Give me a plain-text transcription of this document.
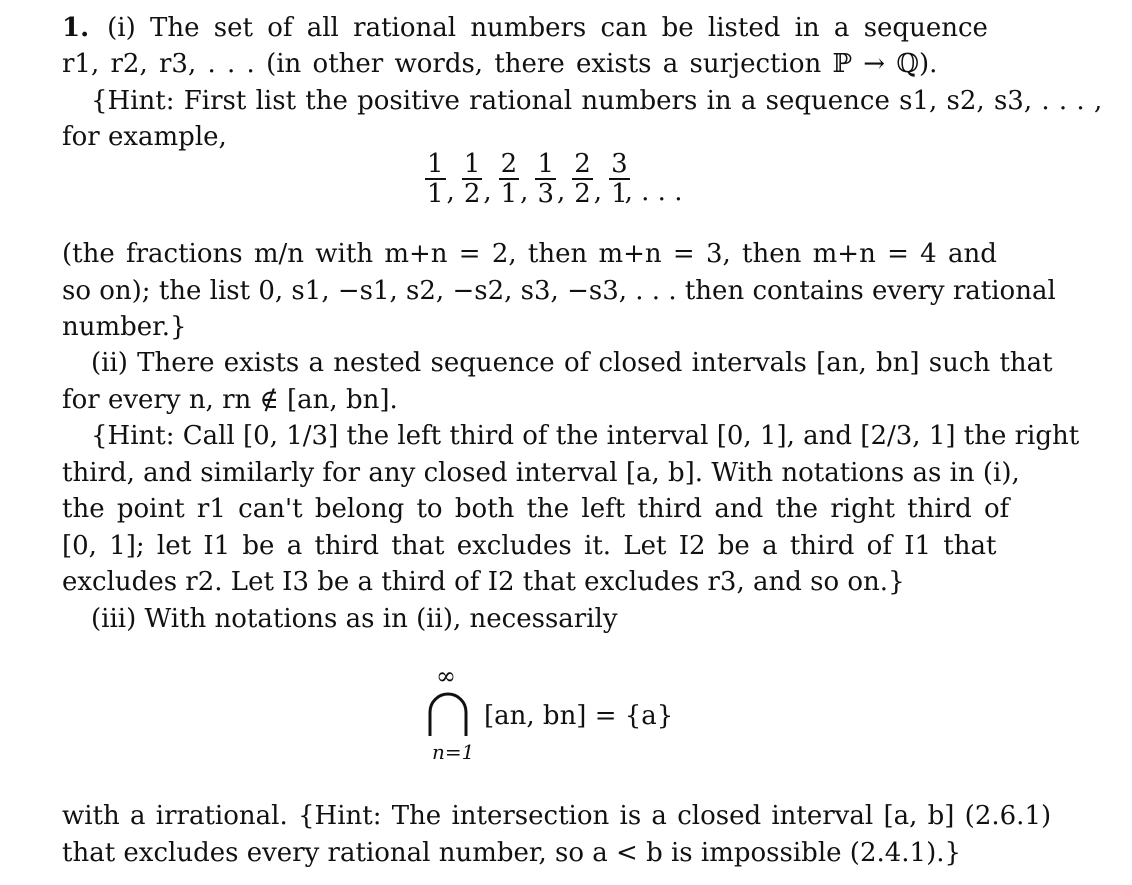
1. (i) The set of all rational numbers can be listed in a sequence
r1, r2, r3, . . . (in other words, there exists a surjection ℙ → ℚ).
{Hint: First list the positive rational numbers in a sequence s1, s2, s3, . . . ,
for example,
$\frac{1}{1}$ , $\frac{1}{2}$ , $\frac{2}{1}$ , $\frac{1}{3}$ , $\frac{2}{2}$ , $\frac{3}{1}$
, . . .
(the fractions m/n with m+n = 2, then m+n = 3, then m+n = 4 and
so on); the list 0, s1, −s1, s2, −s2, s3, −s3, . . . then contains every rational
number.}
(ii) There exists a nested sequence of closed intervals [an, bn] such that
for every n, rn ∉ [an, bn].
{Hint: Call [0, 1/3] the left third of the interval [0, 1], and [2/3, 1] the right
third, and similarly for any closed interval [a, b]. With notations as in (i),
the point r1 can't belong to both the left third and the right third of
[0, 1]; let I1 be a third that excludes it. Let I2 be a third of I1 that
excludes r2. Let I3 be a third of I2 that excludes r3, and so on.}
(iii) With notations as in (ii), necessarily
∞
n=1
[an, bn] = {a}
with a irrational. {Hint: The intersection is a closed interval [a, b] (2.6.1)
that excludes every rational number, so a < b is impossible (2.4.1).}
